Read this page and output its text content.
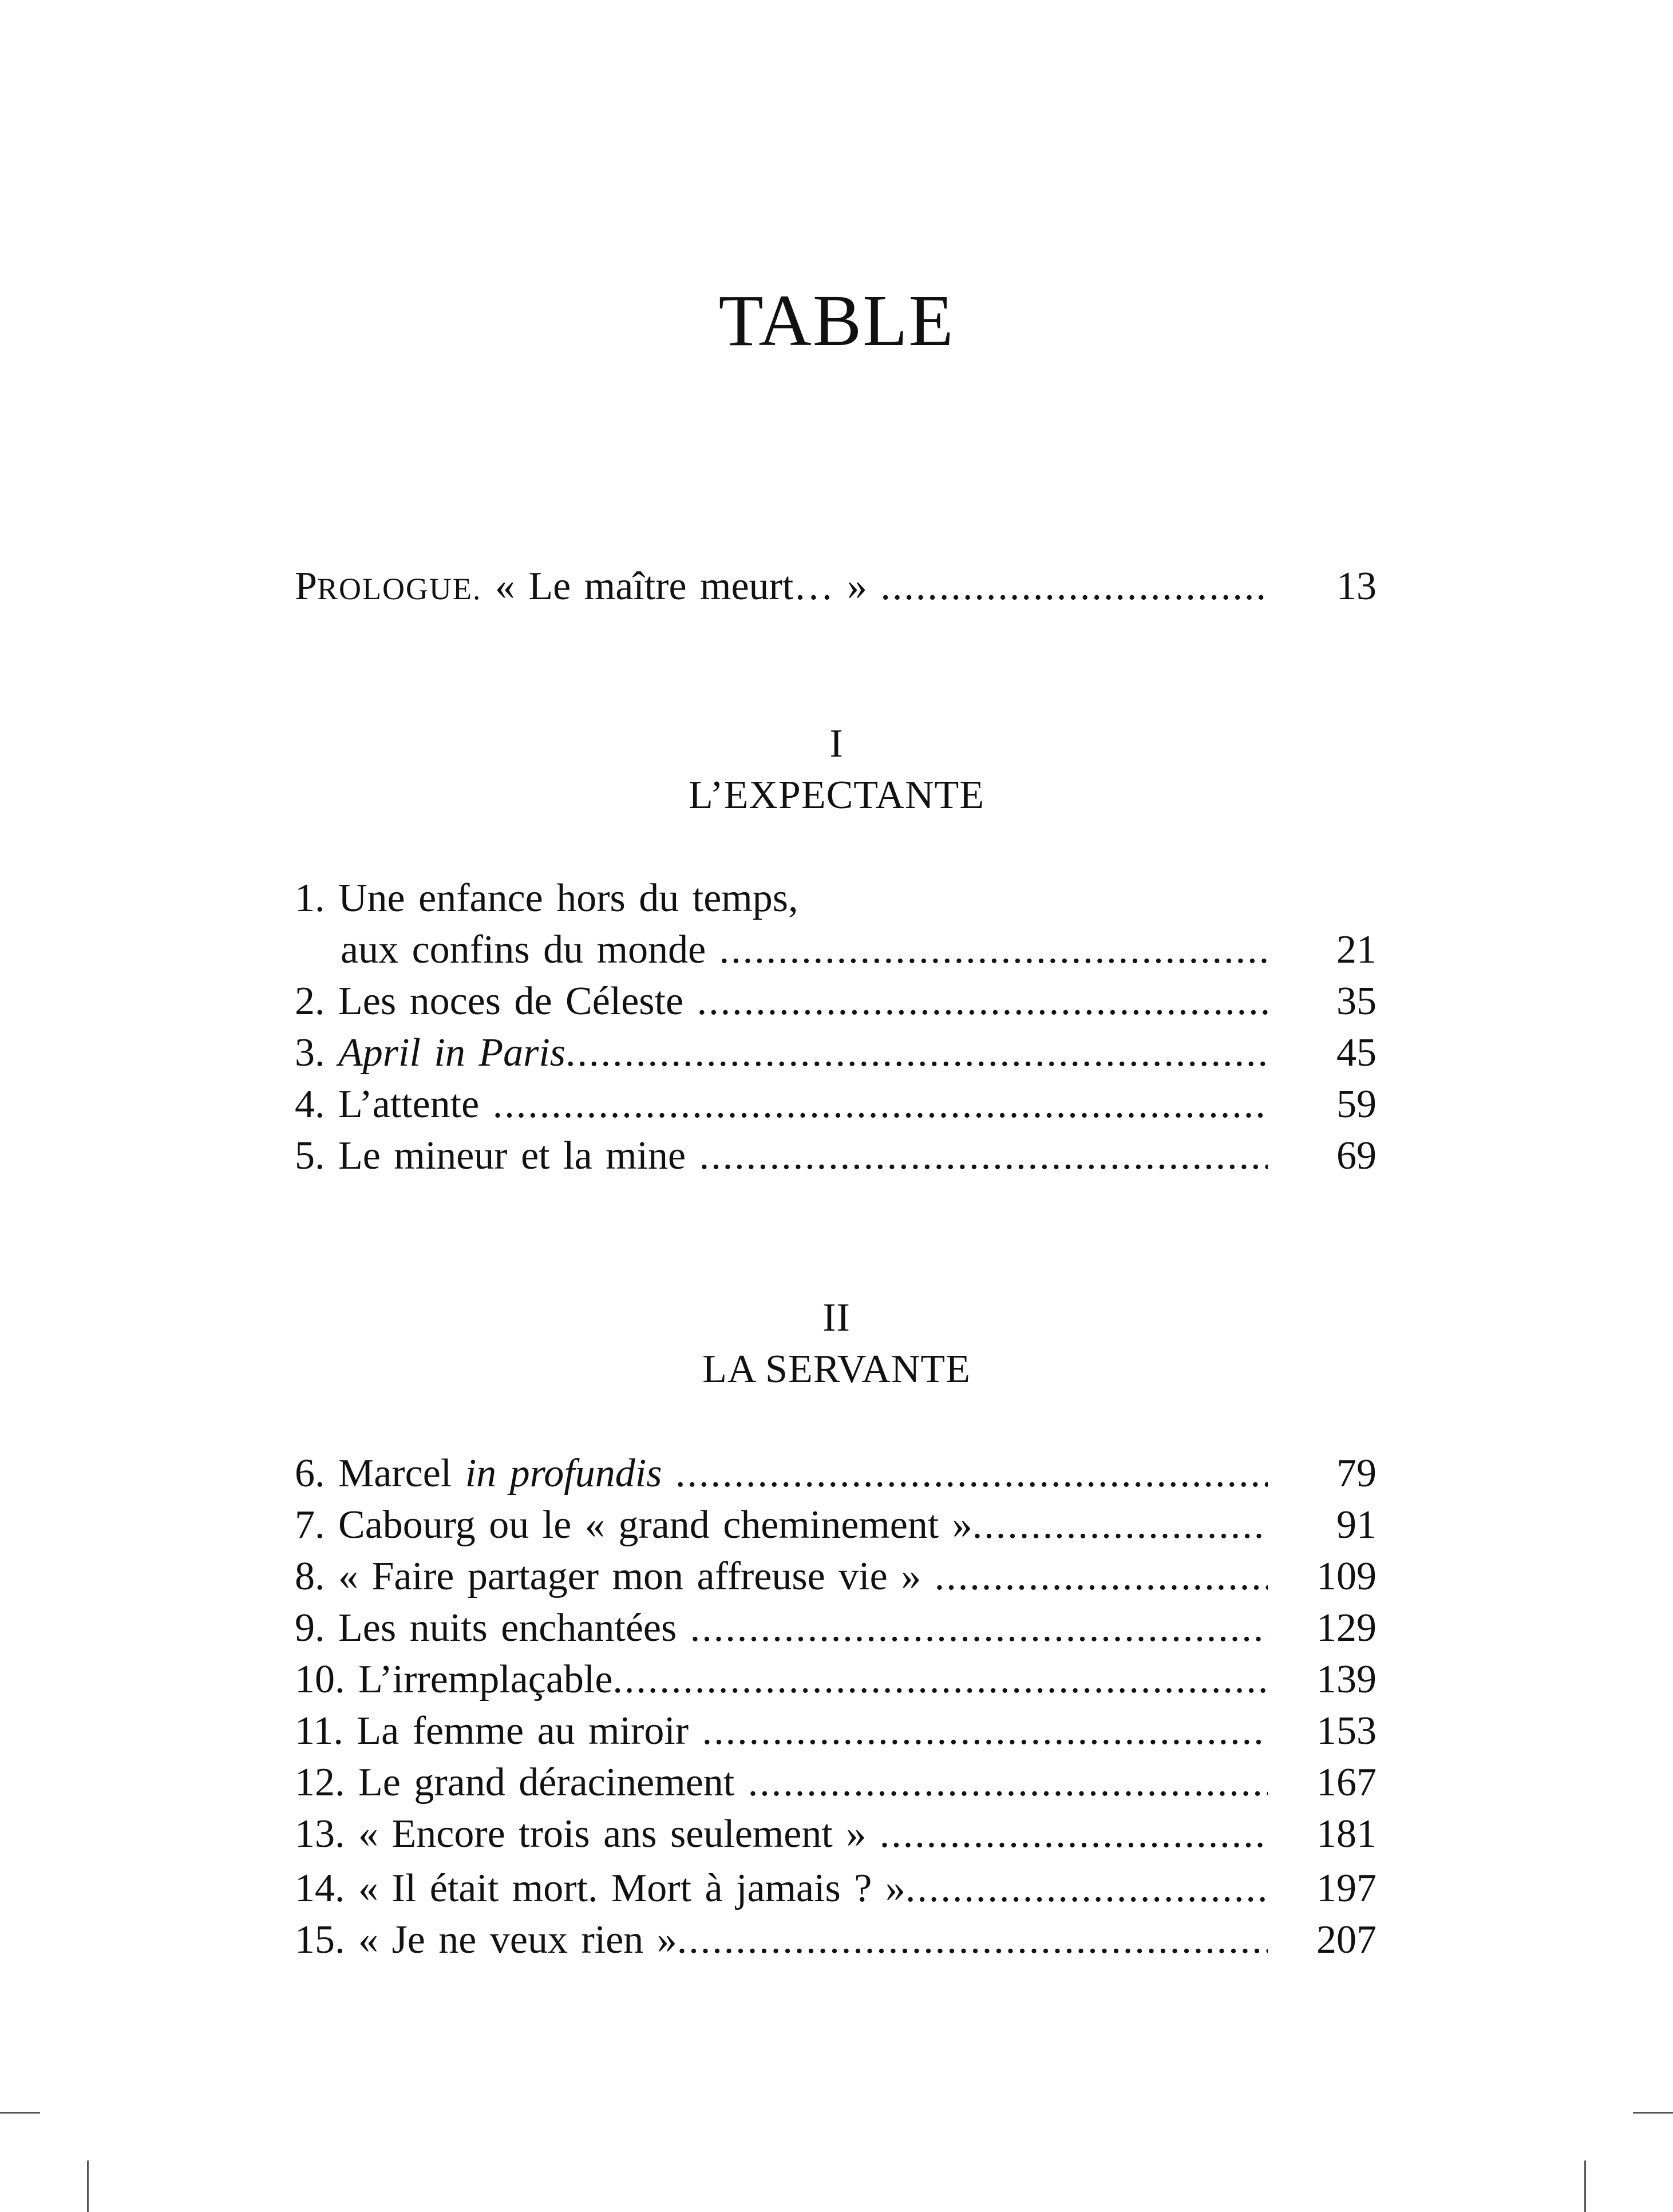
TABLE
PROLOGUE. « Le maître meurt… » .....	13
I
L’EXPECTANTE
1. Une enfance hors du temps,
aux confins du monde .....	21
2. Les noces de Céleste .....	35
3. April in Paris .....	45
4. L’attente .....	59
5. Le mineur et la mine .....	69
II
LA SERVANTE
6. Marcel in profundis .....	79
7. Cabourg ou le « grand cheminement » .....	91
8. « Faire partager mon affreuse vie » .....	109
9. Les nuits enchantées .....	129
10. L’irremplaçable .....	139
11. La femme au miroir .....	153
12. Le grand déracinement .....	167
13. « Encore trois ans seulement » .....	181
14. « Il était mort. Mort à jamais ? » .....	197
15. « Je ne veux rien » .....	207
